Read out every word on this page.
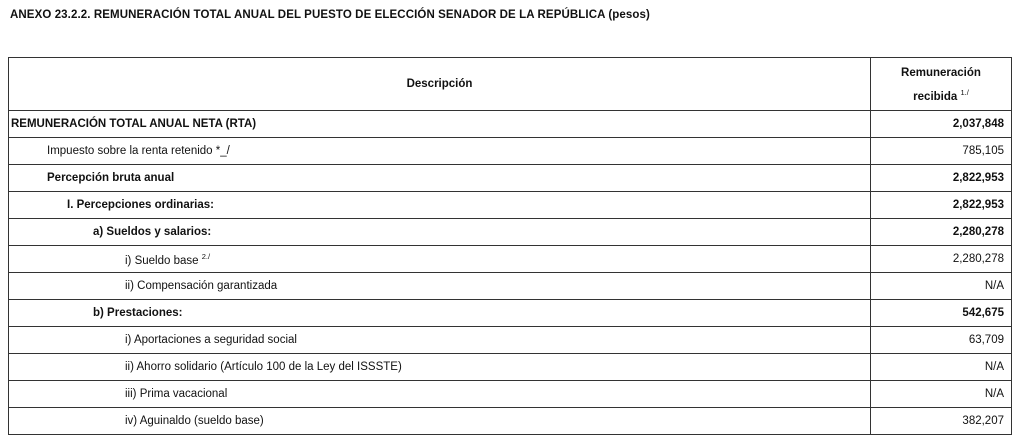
ANEXO 23.2.2. REMUNERACIÓN TOTAL ANUAL DEL PUESTO DE ELECCIÓN SENADOR DE LA REPÚBLICA (pesos)
Descripción	Remuneración
recibida $^{1./}$
REMUNERACIÓN TOTAL ANUAL NETA (RTA)	2,037,848
Impuesto sobre la renta retenido *_/	785,105
Percepción bruta anual	2,822,953
I. Percepciones ordinarias:	2,822,953
a) Sueldos y salarios:	2,280,278
i) Sueldo base $^{2./}$	2,280,278
ii) Compensación garantizada	N/A
b) Prestaciones:	542,675
i) Aportaciones a seguridad social	63,709
ii) Ahorro solidario (Artículo 100 de la Ley del ISSSTE)	N/A
iii) Prima vacacional	N/A
iv) Aguinaldo (sueldo base)	382,207
